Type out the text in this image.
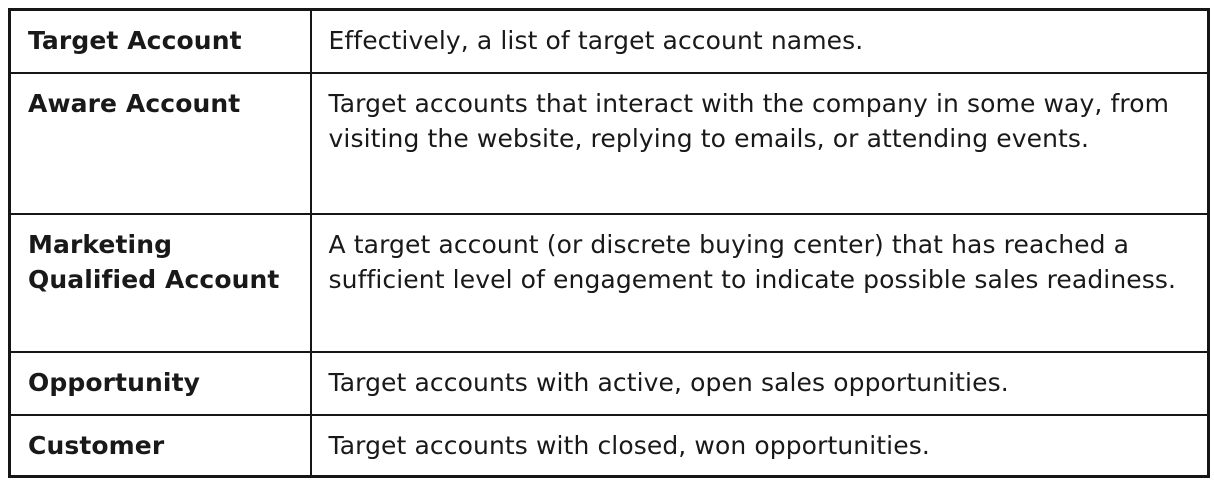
Target Account	Effectively, a list of target account names.
Aware Account	Target accounts that interact with the company in some way, from visiting the website, replying to emails, or attending events.
Marketing Qualified Account	A target account (or discrete buying center) that has reached a sufficient level of engagement to indicate possible sales readiness.
Opportunity	Target accounts with active, open sales opportunities.
Customer	Target accounts with closed, won opportunities.
